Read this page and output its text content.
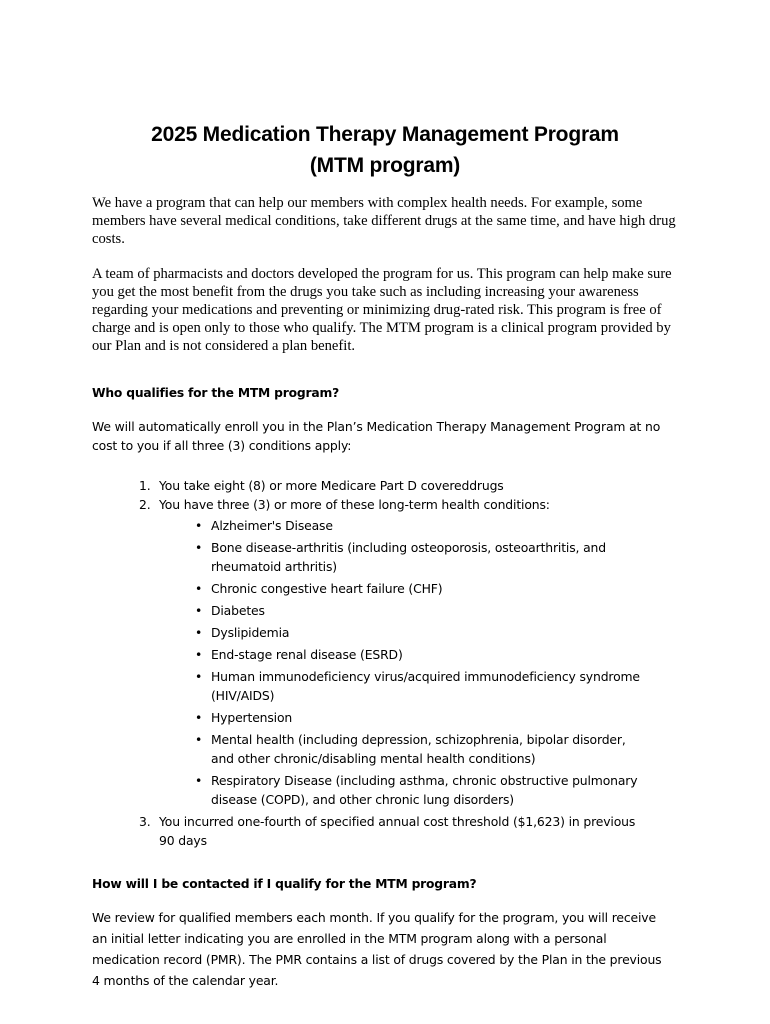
2025 Medication Therapy Management Program
(MTM program)

We have a program that can help our members with complex health needs. For example, some members have several medical conditions, take different drugs at the same time, and have high drug costs.

A team of pharmacists and doctors developed the program for us. This program can help make sure you get the most benefit from the drugs you take such as including increasing your awareness regarding your medications and preventing or minimizing drug-rated risk. This program is free of charge and is open only to those who qualify. The MTM program is a clinical program provided by our Plan and is not considered a plan benefit.

Who qualifies for the MTM program?

We will automatically enroll you in the Plan’s Medication Therapy Management Program at no cost to you if all three (3) conditions apply:

1. You take eight (8) or more Medicare Part D covereddrugs
2. You have three (3) or more of these long-term health conditions:
• Alzheimer's Disease
• Bone disease-arthritis (including osteoporosis, osteoarthritis, and rheumatoid arthritis)
• Chronic congestive heart failure (CHF)
• Diabetes
• Dyslipidemia
• End-stage renal disease (ESRD)
• Human immunodeficiency virus/acquired immunodeficiency syndrome (HIV/AIDS)
• Hypertension
• Mental health (including depression, schizophrenia, bipolar disorder, and other chronic/disabling mental health conditions)
• Respiratory Disease (including asthma, chronic obstructive pulmonary disease (COPD), and other chronic lung disorders)
3. You incurred one-fourth of specified annual cost threshold ($1,623) in previous 90 days
How will I be contacted if I qualify for the MTM program?

We review for qualified members each month. If you qualify for the program, you will receive an initial letter indicating you are enrolled in the MTM program along with a personal medication record (PMR). The PMR contains a list of drugs covered by the Plan in the previous 4 months of the calendar year.
